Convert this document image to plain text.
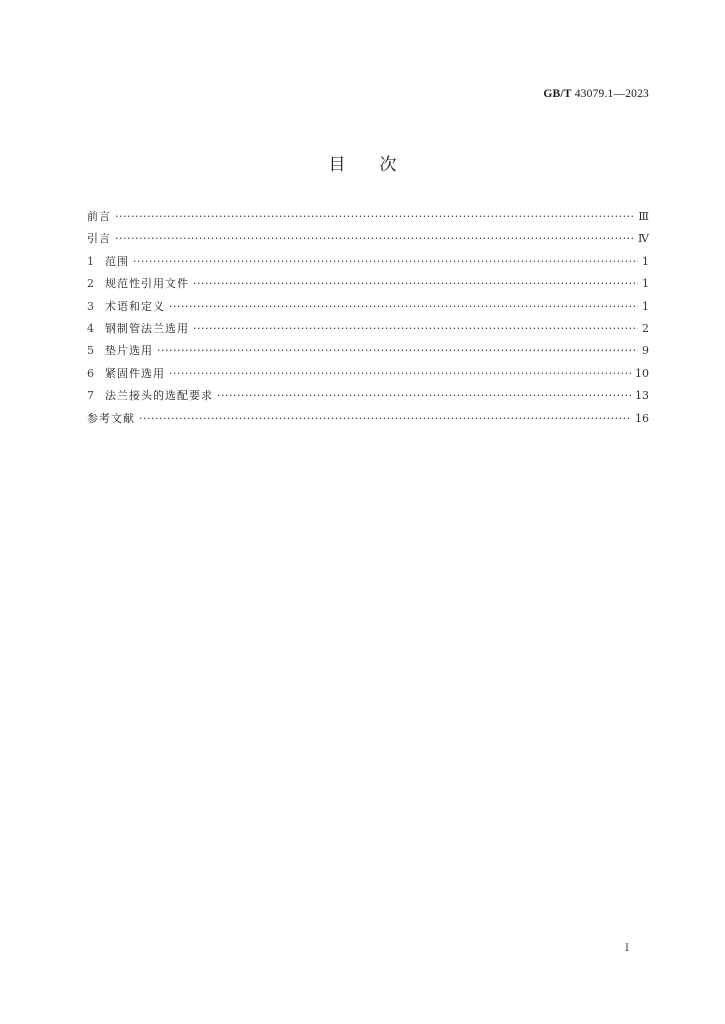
GB/T 43079.1—2023
目次
前言 ·····	Ⅲ
引言 ·····	Ⅳ
1	范围 ·····	1
2	规范性引用文件 ·····	1
3	术语和定义 ·····	1
4	钢制管法兰选用 ·····	2
5	垫片选用 ·····	9
6	紧固件选用 ·····	10
7	法兰接头的选配要求 ·····	13
参考文献 ·····	16
Ⅰ
